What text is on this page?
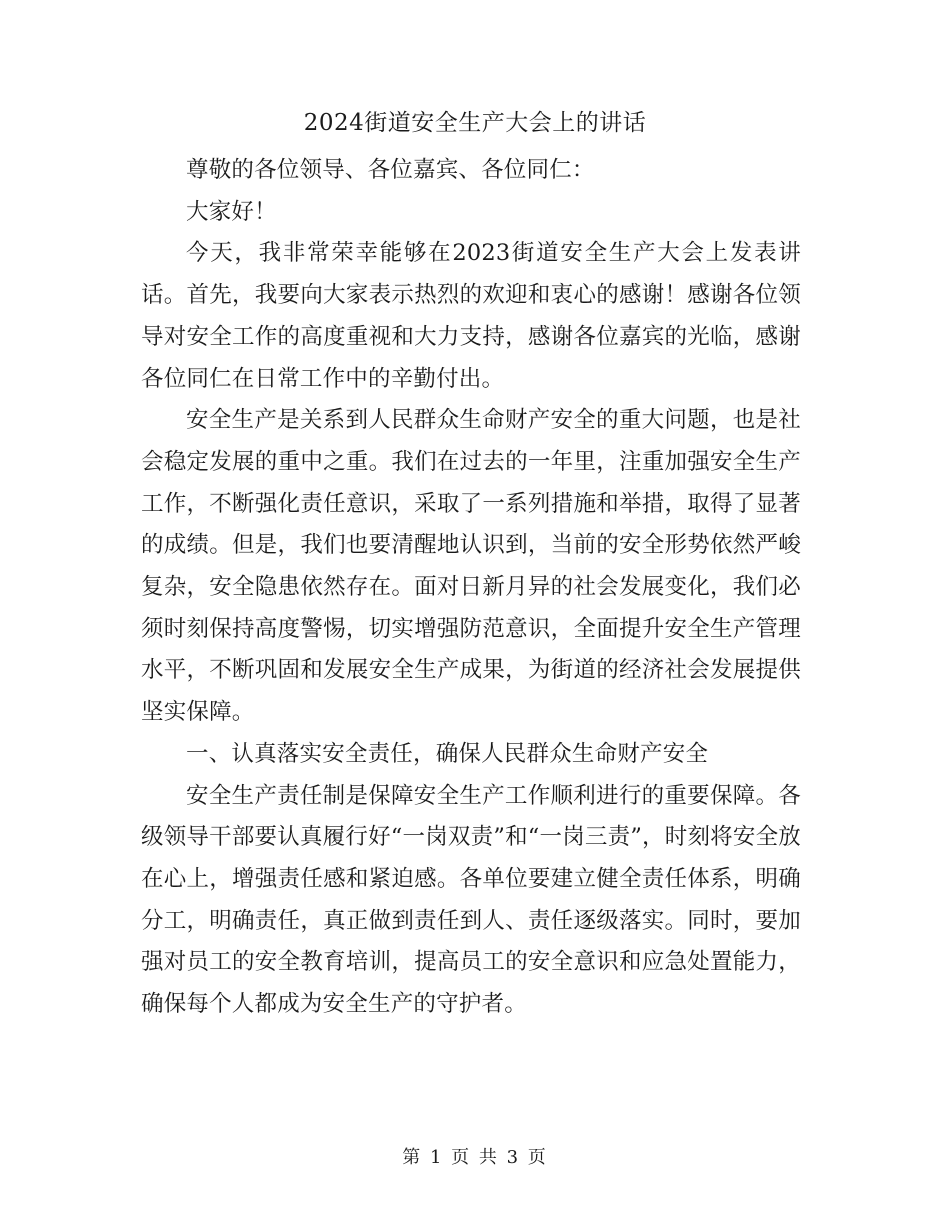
2024街道安全生产大会上的讲话

尊敬的各位领导、各位嘉宾、各位同仁：

大家好！

今天，我非常荣幸能够在2023街道安全生产大会上发表讲话。首先，我要向大家表示热烈的欢迎和衷心的感谢！感谢各位领导对安全工作的高度重视和大力支持，感谢各位嘉宾的光临，感谢各位同仁在日常工作中的辛勤付出。

安全生产是关系到人民群众生命财产安全的重大问题，也是社会稳定发展的重中之重。我们在过去的一年里，注重加强安全生产工作，不断强化责任意识，采取了一系列措施和举措，取得了显著的成绩。但是，我们也要清醒地认识到，当前的安全形势依然严峻复杂，安全隐患依然存在。面对日新月异的社会发展变化，我们必须时刻保持高度警惕，切实增强防范意识，全面提升安全生产管理水平，不断巩固和发展安全生产成果，为街道的经济社会发展提供坚实保障。

一、认真落实安全责任，确保人民群众生命财产安全

安全生产责任制是保障安全生产工作顺利进行的重要保障。各级领导干部要认真履行好“一岗双责”和“一岗三责”，时刻将安全放在心上，增强责任感和紧迫感。各单位要建立健全责任体系，明确分工，明确责任，真正做到责任到人、责任逐级落实。同时，要加强对员工的安全教育培训，提高员工的安全意识和应急处置能力，确保每个人都成为安全生产的守护者。

第 1 页 共 3 页
